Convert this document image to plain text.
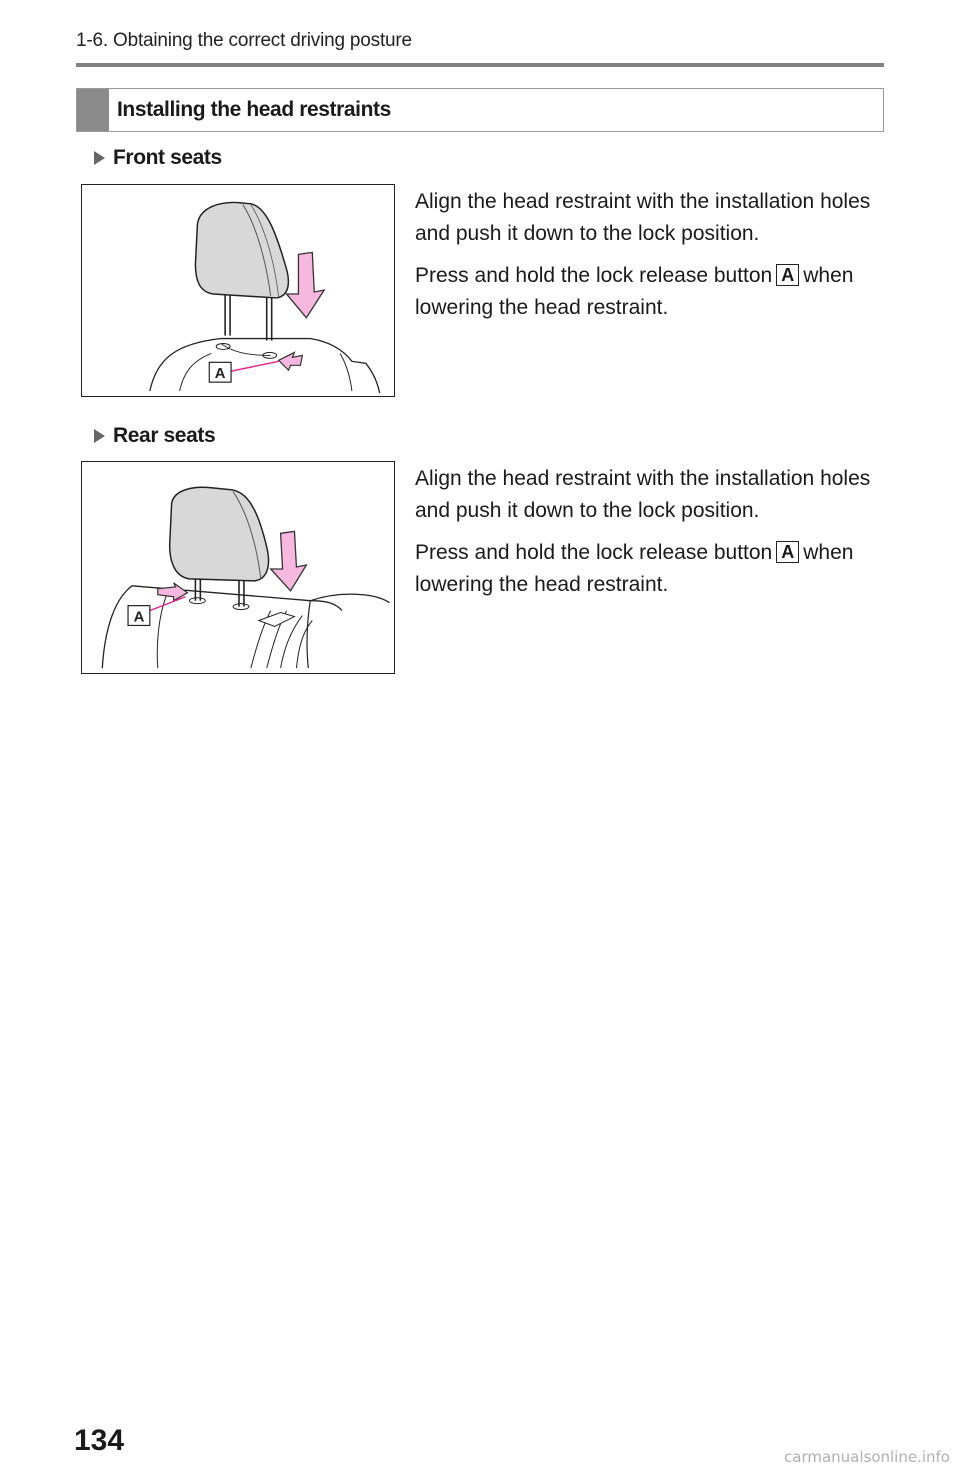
1-6. Obtaining the correct driving posture
Installing the head restraints
Front seats
A

Align the head restraint with the installation holes and push it down to the lock position.

Press and hold the lock release button A when lowering the head restraint.

Rear seats
A

Align the head restraint with the installation holes and push it down to the lock position.

Press and hold the lock release button A when lowering the head restraint.

134	carmanualsonline.info
